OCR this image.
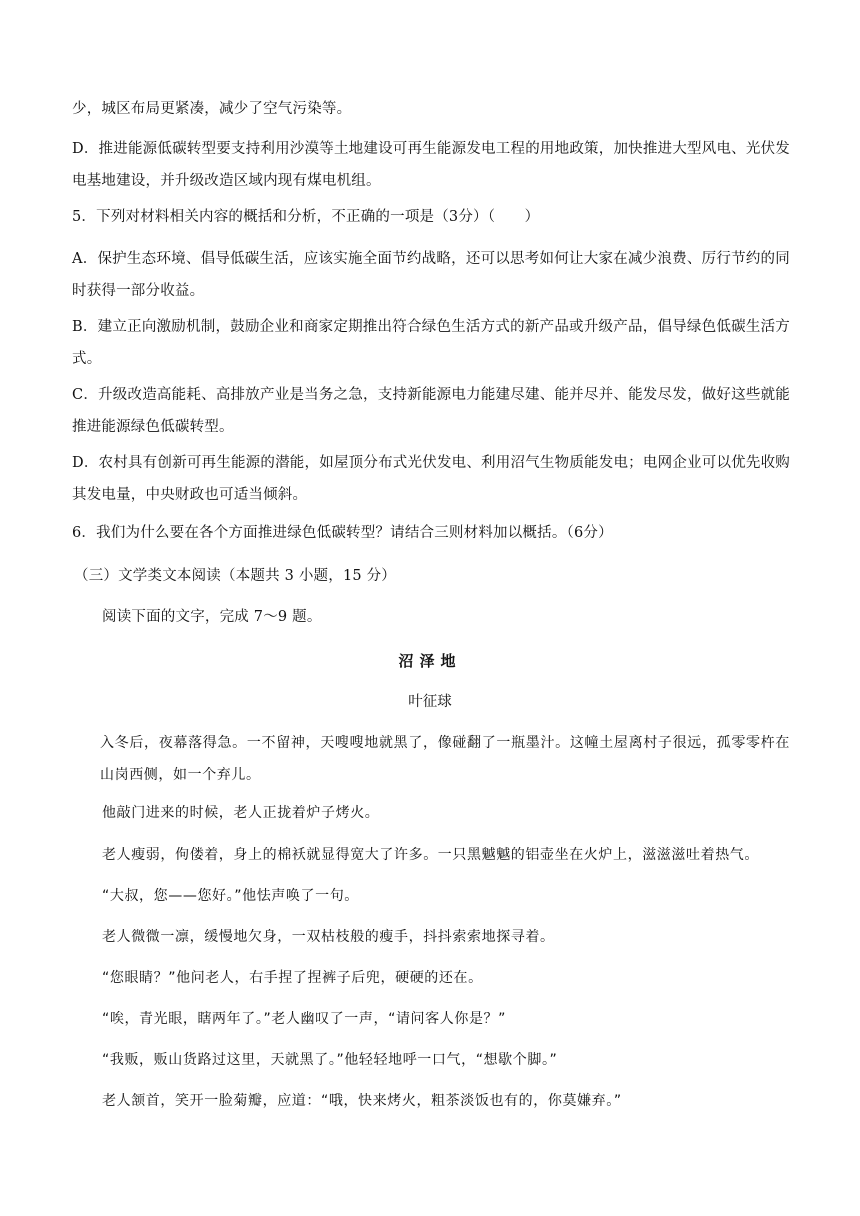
少，城区布局更紧凑，减少了空气污染等。
D．推进能源低碳转型要支持利用沙漠等土地建设可再生能源发电工程的用地政策，加快推进大型风电、光伏发电基地建设，并升级改造区域内现有煤电机组。
5．下列对材料相关内容的概括和分析，不正确的一项是（3分）（　　）
A．保护生态环境、倡导低碳生活，应该实施全面节约战略，还可以思考如何让大家在减少浪费、厉行节约的同时获得一部分收益。
B．建立正向激励机制，鼓励企业和商家定期推出符合绿色生活方式的新产品或升级产品，倡导绿色低碳生活方式。
C．升级改造高能耗、高排放产业是当务之急，支持新能源电力能建尽建、能并尽并、能发尽发，做好这些就能推进能源绿色低碳转型。
D．农村具有创新可再生能源的潜能，如屋顶分布式光伏发电、利用沼气生物质能发电；电网企业可以优先收购其发电量，中央财政也可适当倾斜。
6．我们为什么要在各个方面推进绿色低碳转型？请结合三则材料加以概括。（6分）
（三）文学类文本阅读（本题共 3 小题，15 分）
阅读下面的文字，完成 7～9 题。
沼泽地
叶征球
入冬后，夜幕落得急。一不留神，天嗖嗖地就黑了，像碰翻了一瓶墨汁。这幢土屋离村子很远，孤零零杵在山岗西侧，如一个弃儿。
他敲门进来的时候，老人正拢着炉子烤火。
老人瘦弱，佝偻着，身上的棉袄就显得宽大了许多。一只黑魆魆的铝壶坐在火炉上，滋滋滋吐着热气。
“大叔，您——您好。”他怯声唤了一句。
老人微微一凛，缓慢地欠身，一双枯枝般的瘦手，抖抖索索地探寻着。
“您眼睛？”他问老人，右手捏了捏裤子后兜，硬硬的还在。
“唉，青光眼，瞎两年了。”老人幽叹了一声，“请问客人你是？”
“我贩，贩山货路过这里，天就黑了。”他轻轻地呼一口气，“想歇个脚。”
老人颔首，笑开一脸菊瓣，应道：“哦，快来烤火，粗茶淡饭也有的，你莫嫌弃。”
